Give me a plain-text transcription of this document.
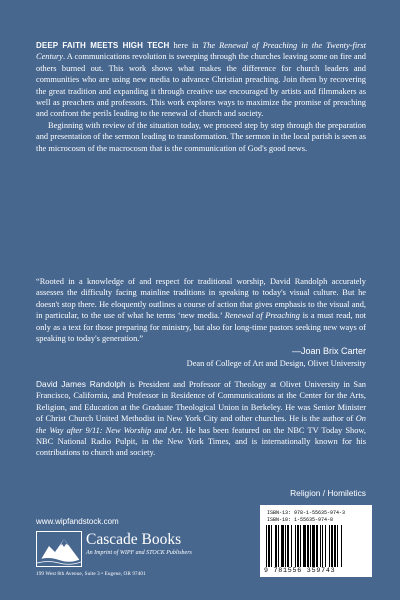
DEEP FAITH MEETS HIGH TECH here in The Renewal of Preaching in the Twenty-first Century. A communications revolution is sweeping through the churches leaving some on fire and others burned out. This work shows what makes the difference for church leaders and communities who are using new media to advance Christian preaching. Join them by recovering the great tradition and expanding it through creative use encouraged by artists and filmmakers as well as preachers and professors. This work explores ways to maximize the promise of preaching and confront the perils leading to the renewal of church and society.

Beginning with review of the situation today, we proceed step by step through the preparation and presentation of the sermon leading to transformation. The sermon in the local parish is seen as the microcosm of the macrocosm that is the communication of God's good news.

“Rooted in a knowledge of and respect for traditional worship, David Randolph accurately assesses the difficulty facing mainline traditions in speaking to today's visual culture. But he doesn't stop there. He eloquently outlines a course of action that gives emphasis to the visual and, in particular, to the use of what he terms ‘new media.’ Renewal of Preaching is a must read, not only as a text for those preparing for ministry, but also for long-time pastors seeking new ways of speaking to today's generation.”

—Joan Brix Carter
Dean of College of Art and Design, Olivet University

David James Randolph is President and Professor of Theology at Olivet University in San Francisco, California, and Professor in Residence of Communications at the Center for the Arts, Religion, and Education at the Graduate Theological Union in Berkeley. He was Senior Minister of Christ Church United Methodist in New York City and other churches. He is the author of On the Way after 9/11: New Worship and Art. He has been featured on the NBC TV Today Show, NBC National Radio Pulpit, in the New York Times, and is internationally known for his contributions to church and society.

Religion / Homiletics
www.wipfandstock.com
Cascade Books
An Imprint of WIPF and STOCK Publishers
199 West 8th Avenue, Suite 3 • Eugene, OR 97401
ISBN-13: 978-1-55635-974-3
ISBN-10: 1-55635-974-8
9 781556 359743
